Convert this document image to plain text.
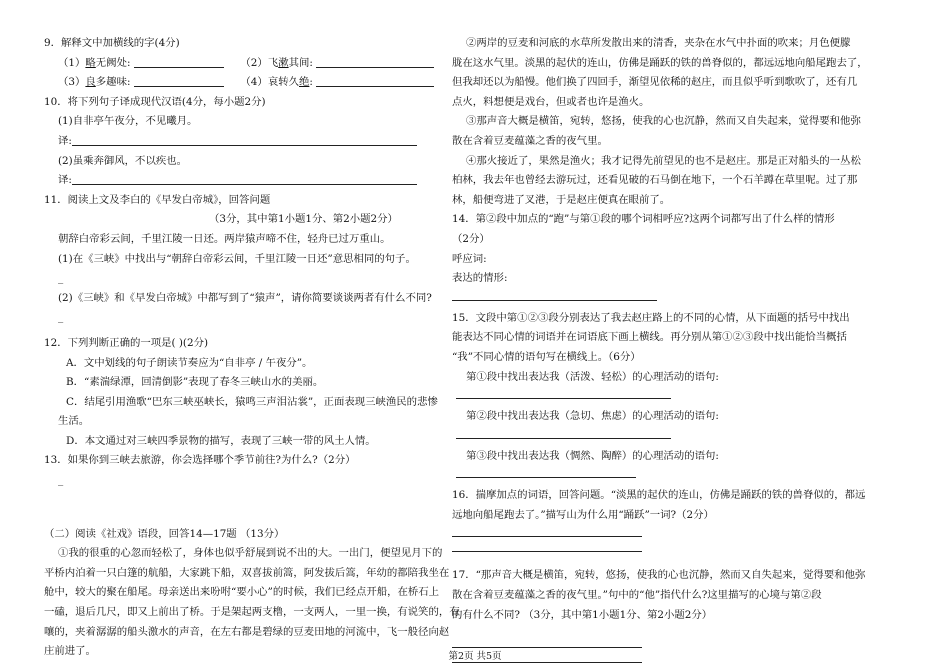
9．解释文中加横线的字(4分)
（1）略无阙处:	（2）飞漱其间:
（3）良多趣味:	（4）哀转久绝:
10．将下列句子译成现代汉语(4分，每小题2分)
(1)自非亭午夜分，不见曦月。
译:
(2)虽乘奔御风，不以疾也。
译:
11．阅读上文及李白的《早发白帝城》，回答问题
（3分，其中第1小题1分、第2小题2分）
朝辞白帝彩云间，千里江陵一日还。两岸猿声啼不住，轻舟已过万重山。
(1)在《三峡》中找出与“朝辞白帝彩云间，千里江陵一日还”意思相同的句子。
_
(2)《三峡》和《早发白帝城》中都写到了“猿声”，请你简要谈谈两者有什么不同?
_
12．下列判断正确的一项是( )(2分)
A．文中划线的句子朗读节奏应为“自非亭 / 午夜分”。
B．“素湍绿潭，回清倒影”表现了春冬三峡山水的美丽。
C．结尾引用渔歌“巴东三峡巫峡长，猿鸣三声泪沾裳”，正面表现三峡渔民的悲惨
生活。
D．本文通过对三峡四季景物的描写，表现了三峡一带的风土人情。
13．如果你到三峡去旅游，你会选择哪个季节前往?为什么?（2分）
_
（二）阅读《社戏》语段，回答14—17题 （13分）
①我的很重的心忽而轻松了，身体也似乎舒展到说不出的大。一出门，便望见月下的
平桥内泊着一只白篷的航船，大家跳下船，双喜拔前篙，阿发拔后篙，年幼的都陪我坐在
舱中，较大的聚在船尾。母亲送出来吩咐“要小心”的时候，我们已经点开船，在桥石上
一磕，退后几尺，即又上前出了桥。于是架起两支橹，一支两人，一里一换，有说笑的，有
嚷的，夹着潺潺的船头激水的声音，在左右都是碧绿的豆麦田地的河流中，飞一般径向赵
庄前进了。
②两岸的豆麦和河底的水草所发散出来的清香，夹杂在水气中扑面的吹来；月色便朦
胧在这水气里。淡黑的起伏的连山，仿佛是踊跃的铁的兽脊似的，都远远地向船尾跑去了，
但我却还以为船慢。他们换了四回手，渐望见依稀的赵庄，而且似乎听到歌吹了，还有几
点火，料想便是戏台，但或者也许是渔火。
③那声音大概是横笛，宛转，悠扬，使我的心也沉静，然而又自失起来，觉得要和他弥
散在含着豆麦蕴藻之香的夜气里。
④那火接近了，果然是渔火；我才记得先前望见的也不是赵庄。那是正对船头的一丛松
柏林，我去年也曾经去游玩过，还看见破的石马倒在地下，一个石羊蹲在草里呢。过了那
林，船便弯进了叉港，于是赵庄便真在眼前了。
14．第②段中加点的“跑”与第①段的哪个词相呼应?这两个词都写出了什么样的情形
（2分）
呼应词:
表达的情形:
15．文段中第①②③段分别表达了我去赵庄路上的不同的心情，从下面题的括号中找出
能表达不同心情的词语并在词语底下画上横线。再分别从第①②③段中找出能恰当概括
“我”不同心情的语句写在横线上。（6分）
第①段中找出表达我（活泼、轻松）的心理活动的语句:
第②段中找出表达我（急切、焦虑）的心理活动的语句:
第③段中找出表达我（惆然、陶醉）的心理活动的语句:
16．揣摩加点的词语，回答问题。“淡黑的起伏的连山，仿佛是踊跃的铁的兽脊似的，都远
远地向船尾跑去了。”描写山为什么用“踊跃”一词?（2分）
17．“那声音大概是横笛，宛转，悠扬，使我的心也沉静，然而又自失起来，觉得要和他弥
散在含着豆麦蕴藻之香的夜气里。”句中的“他”指代什么?这里描写的心境与第②段
的有什么不同? （3分，其中第1小题1分、第2小题2分）
第2页 共5页
